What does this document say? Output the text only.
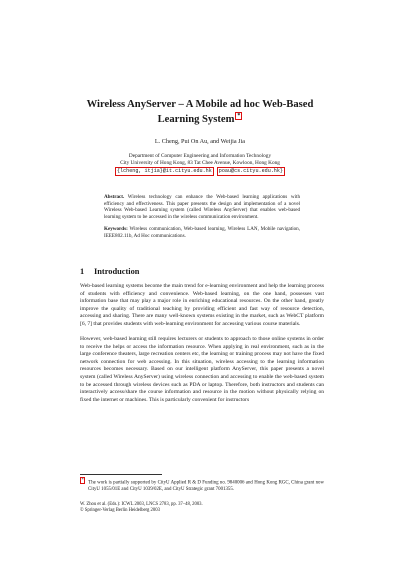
Wireless AnyServer – A Mobile ad hoc Web-Based
Learning System *
L. Cheng, Pui On Au, and Weijia Jia
Department of Computer Engineering and Information Technology
City University of Hong Kong, 83 Tat Chee Avenue, Kowloon, Hong Kong
{lcheng, itjia}@it.cityu.edu.hk	poau@cs.cityu.edu.hk}

Abstract. Wireless technology can enhance the Web-based learning applications with efficiency and effectiveness. This paper presents the design and implementation of a novel Wireless Web-based Learning system (called Wireless AnyServer) that enables web-based learning system to be accessed in the wireless communication environment.

Keywords: Wireless communication, Web-based learning, Wireless LAN, Mobile navigation, IEEE802.11b, Ad Hoc communications.

1 Introduction

Web-based learning systems become the main trend for e-learning environment and help the learning process of students with efficiency and convenience. Web-based learning, on the one hand, possesses vast information base that may play a major role in enriching educational resources. On the other hand, greatly improve the quality of traditional teaching by providing efficient and fast way of resource detection, accessing and sharing. There are many well-known systems existing in the market, such as WebCT platform [6, 7] that provides students with web-learning environment for accessing various course materials.

However, web-based learning still requires lecturers or students to approach to those online systems in order to receive the helps or access the information resource. When applying in real environment, such as in the large conference theaters, large recreation centers etc, the learning or training process may not have the fixed network connection for web accessing. In this situation, wireless accessing to the learning information resources becomes necessary. Based on our intelligent platform AnyServer, this paper presents a novel system (called Wireless AnyServer) using wireless connection and accessing to enable the web-based system to be accessed through wireless devices such as PDA or laptop. Therefore, both instructors and students can interactively access/share the course information and resource in the motion without physically relying on fixed the internet or machines. This is particularly convenient for instructors

*The work is partially supported by CityU Applied R & D Funding no. 9840006 and Hong Kong RGC, China grant now CityU 1055/01E and CityU 1039/02E, and CityU Strategic grant 7001355.
W. Zhou et al. (Eds.): ICWL 2003, LNCS 2783, pp. 37–48, 2003.
© Springer-Verlag Berlin Heidelberg 2003
